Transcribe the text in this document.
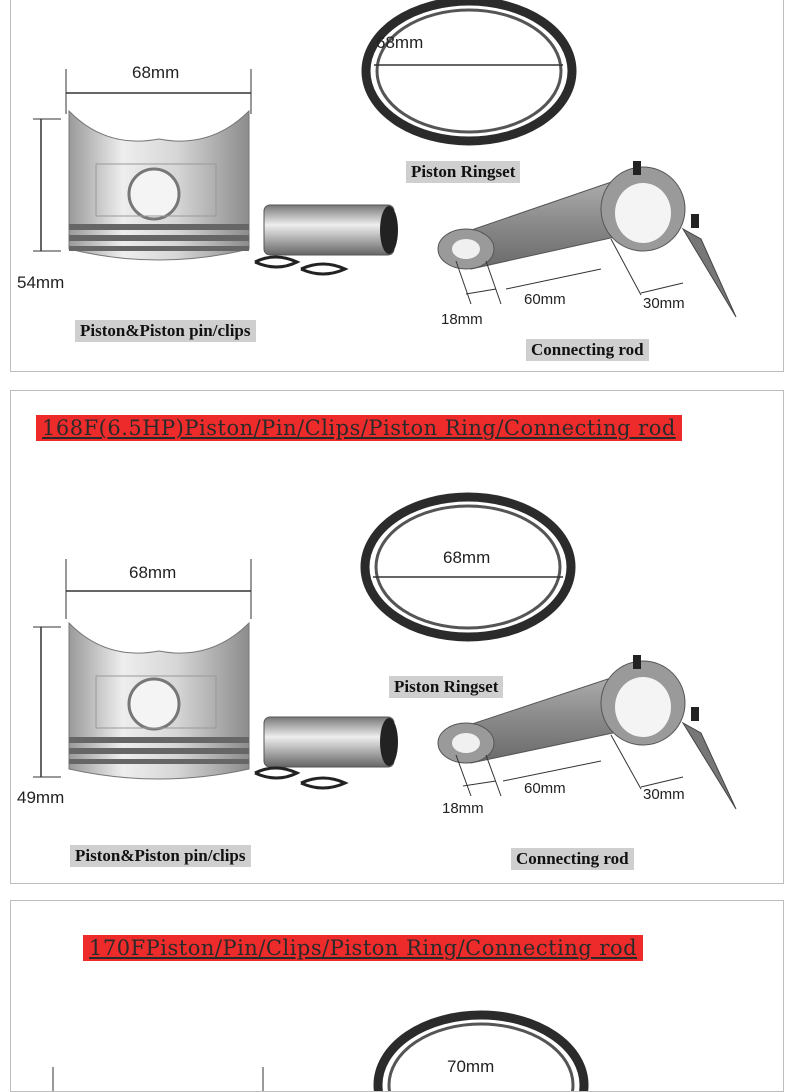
68mm
Piston Ringset
68mm
54mm
Piston&Piston pin/clips
18mm
60mm	30mm
Connecting rod
168F(6.5HP)Piston/Pin/Clips/Piston Ring/Connecting rod
68mm
Piston Ringset
68mm
49mm
Piston&Piston pin/clips
18mm
60mm	30mm
Connecting rod
170FPiston/Pin/Clips/Piston Ring/Connecting rod
70mm
